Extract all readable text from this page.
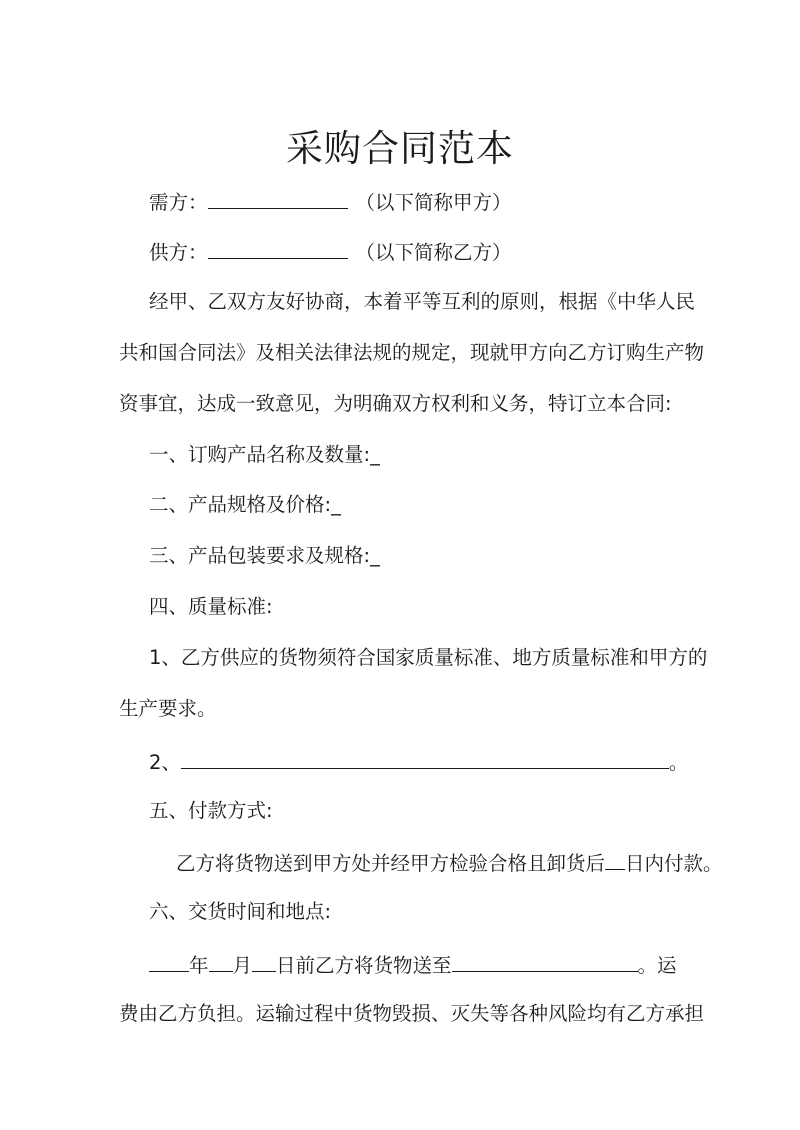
采购合同范本
需方：	（以下简称甲方）
供方：	（以下简称乙方）
经甲、乙双方友好协商，本着平等互利的原则，根据《中华人民
共和国合同法》及相关法律法规的规定，现就甲方向乙方订购生产物
资事宜，达成一致意见，为明确双方权利和义务，特订立本合同:
一、订购产品名称及数量:_
二、产品规格及价格:_
三、产品包装要求及规格:_
四、质量标准:
1、乙方供应的货物须符合国家质量标准、地方质量标准和甲方的
生产要求。
2、	。
五、付款方式:
乙方将货物送到甲方处并经甲方检验合格且卸货后 日内付款。
六、交货时间和地点:
年 月 日前乙方将货物送至	。运
费由乙方负担。运输过程中货物毁损、灭失等各种风险均有乙方承担
